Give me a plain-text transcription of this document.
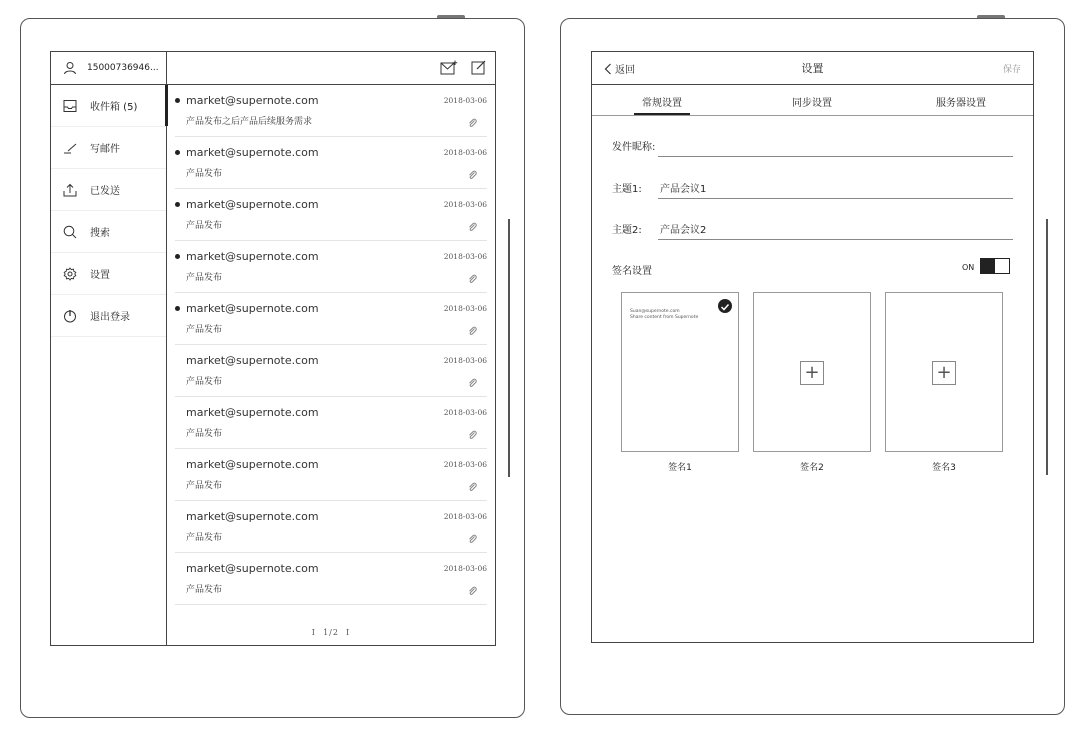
15000736946...
收件箱 (5)
写邮件
已发送
搜索
设置
退出登录
market@supernote.com
产品发布之后产品后续服务需求
2018-03-06
market@supernote.com
产品发布
2018-03-06
market@supernote.com
产品发布
2018-03-06
market@supernote.com
产品发布
2018-03-06
market@supernote.com
产品发布
2018-03-06
market@supernote.com
产品发布
2018-03-06
market@supernote.com
产品发布
2018-03-06
market@supernote.com
产品发布
2018-03-06
market@supernote.com
产品发布
2018-03-06
market@supernote.com
产品发布
2018-03-06
I 1/2 I
返回	设置	保存
常规设置	同步设置	服务器设置
发件昵称:
主题1: 产品会议1
主题2: 产品会议2
签名设置	ON
Suan@supernote.com
Share content from Supernote
签名1
+
签名2
+
签名3
